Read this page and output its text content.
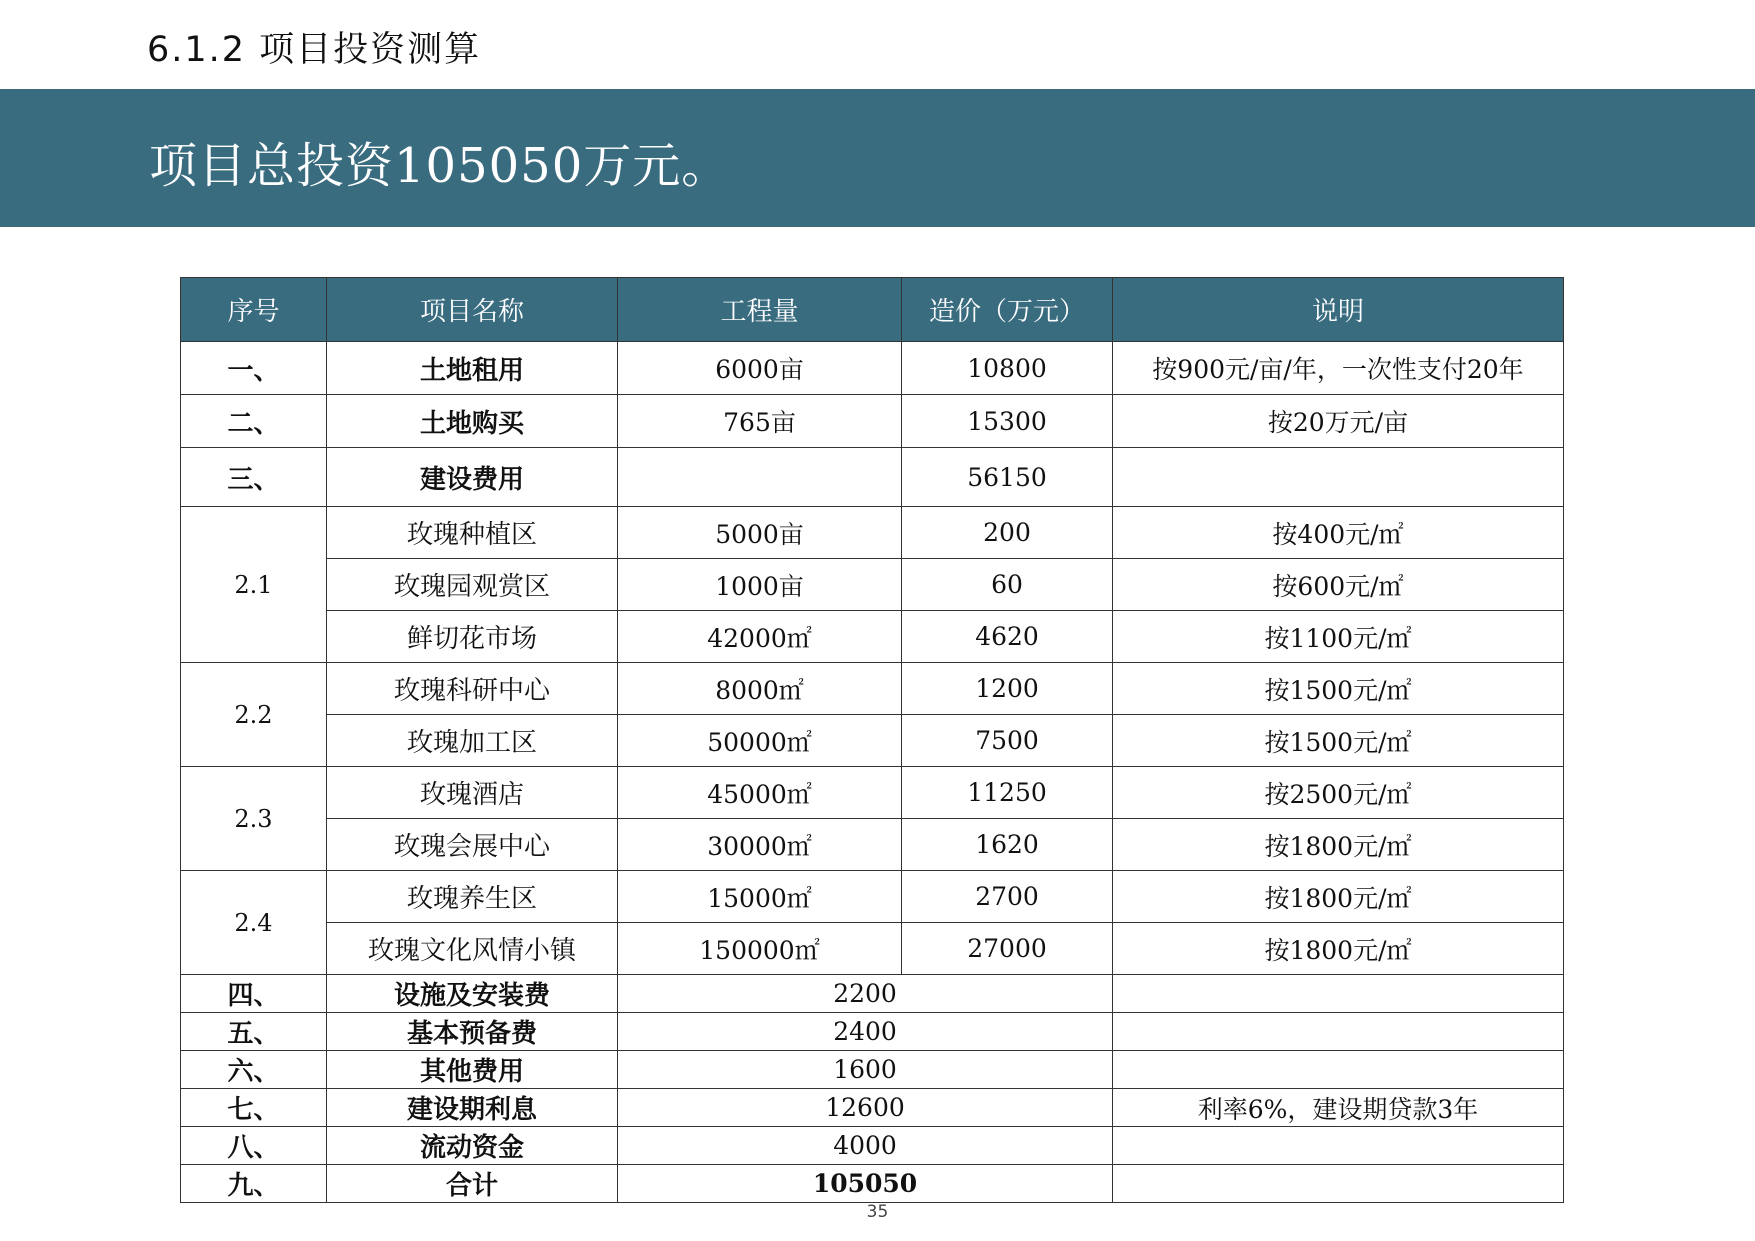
6.1.2 项目投资测算
项目总投资105050万元。
序号	项目名称	工程量	造价（万元）	说明
一、	土地租用	6000亩	10800	按900元/亩/年，一次性支付20年
二、	土地购买	765亩	15300	按20万元/亩
三、	建设费用		56150	
2.1	玫瑰种植区	5000亩	200	按400元/㎡
	玫瑰园观赏区	1000亩	60	按600元/㎡
	鲜切花市场	42000㎡	4620	按1100元/㎡
2.2	玫瑰科研中心	8000㎡	1200	按1500元/㎡
	玫瑰加工区	50000㎡	7500	按1500元/㎡
2.3	玫瑰酒店	45000㎡	11250	按2500元/㎡
	玫瑰会展中心	30000㎡	1620	按1800元/㎡
2.4	玫瑰养生区	15000㎡	2700	按1800元/㎡
	玫瑰文化风情小镇	150000㎡	27000	按1800元/㎡
四、	设施及安装费	2200		
五、	基本预备费	2400		
六、	其他费用	1600		
七、	建设期利息	12600		利率6%，建设期贷款3年
八、	流动资金	4000		
九、	合计	105050		
35
